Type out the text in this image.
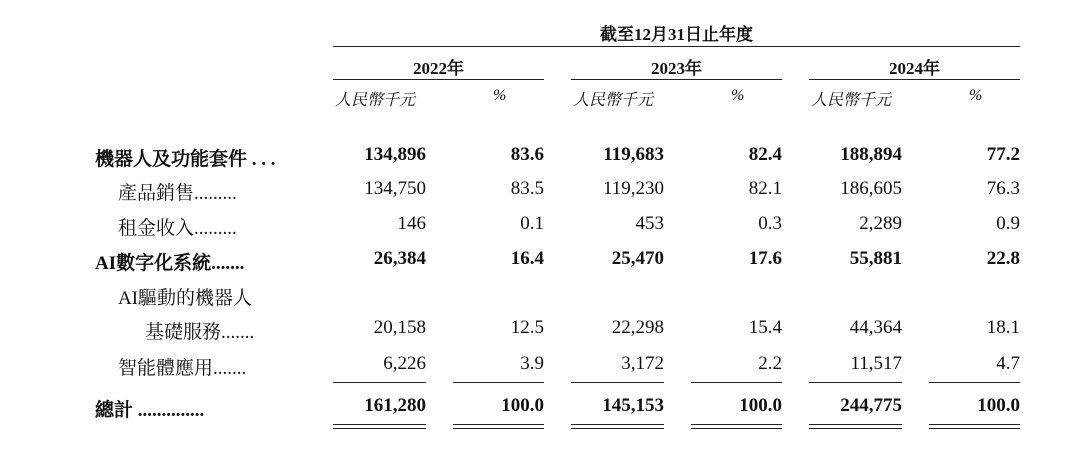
截至12月31日止年度
2022年	2023年	2024年
人民幣千元	%	人民幣千元	%	人民幣千元	%
機器人及功能套件 . . .	134,896	83.6	119,683	82.4	188,894	77.2
產品銷售.........	134,750	83.5	119,230	82.1	186,605	76.3
租金收入.........	146	0.1	453	0.3	2,289	0.9
AI數字化系統.......	26,384	16.4	25,470	17.6	55,881	22.8
AI驅動的機器人
基礎服務.......	20,158	12.5	22,298	15.4	44,364	18.1
智能體應用.......	6,226	3.9	3,172	2.2	11,517	4.7
總計 ..............	161,280	100.0	145,153	100.0	244,775	100.0
